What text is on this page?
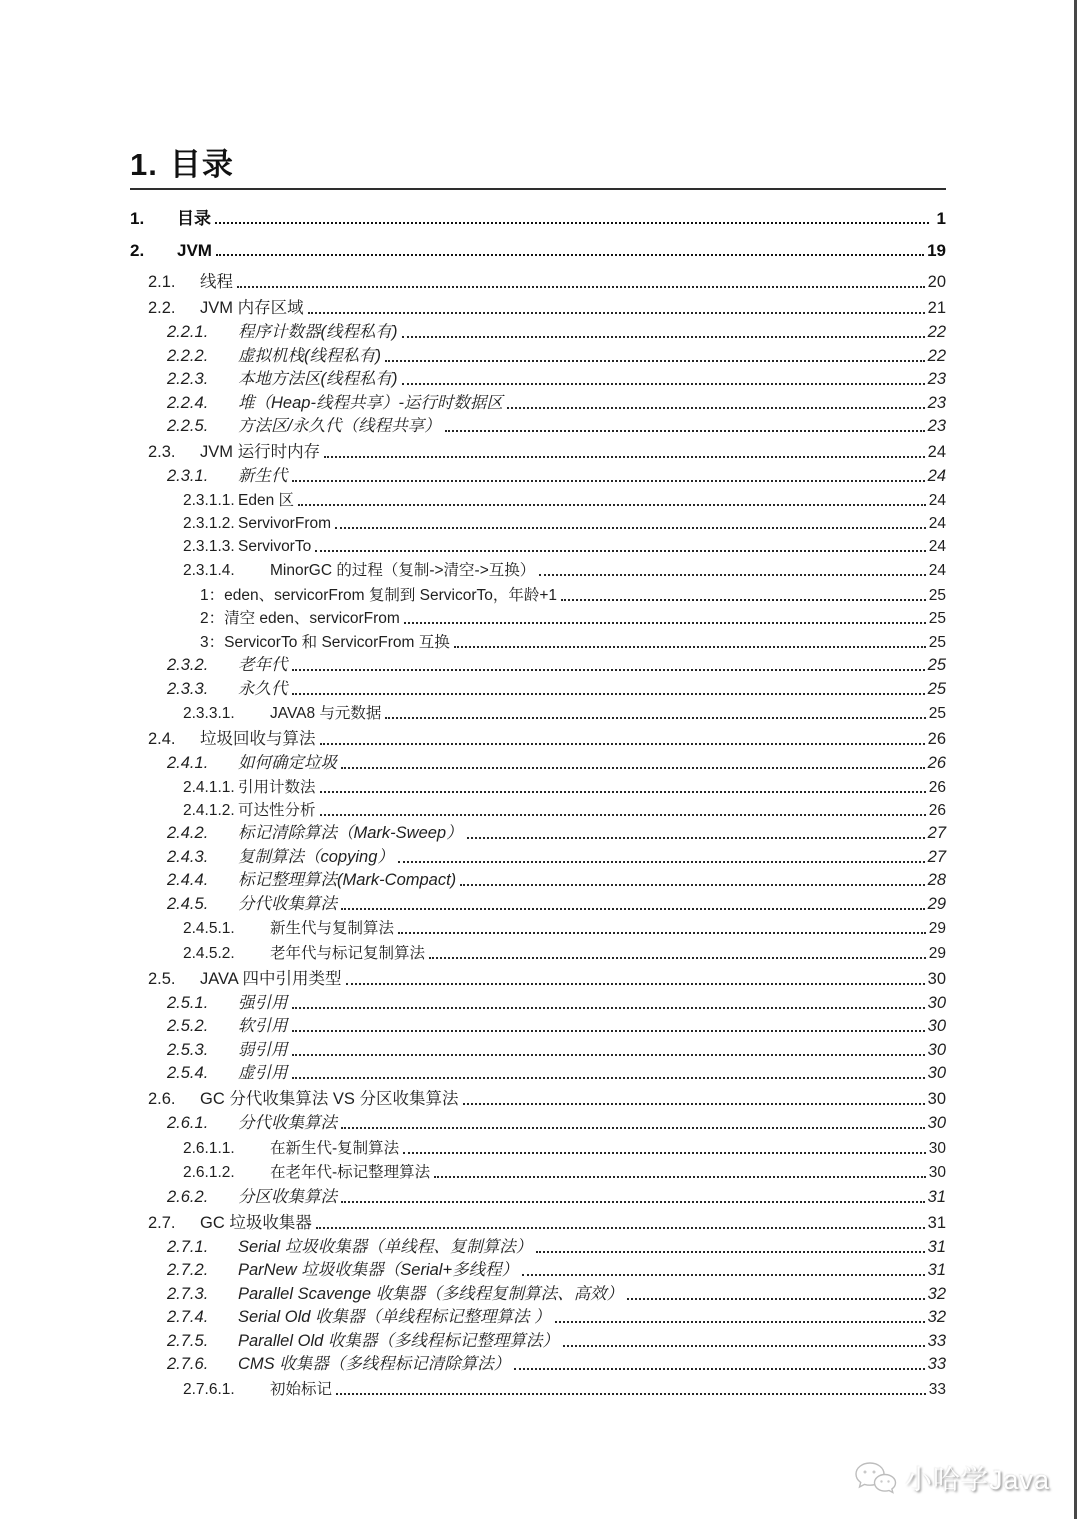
1. 目录
1.	目录	1
2.	JVM	19
2.1.	线程	20
2.2.	JVM 内存区域	21
2.2.1.	程序计数器(线程私有)	22
2.2.2.	虚拟机栈(线程私有)	22
2.2.3.	本地方法区(线程私有)	23
2.2.4.	堆（Heap-线程共享）-运行时数据区	23
2.2.5.	方法区/永久代（线程共享）	23
2.3.	JVM 运行时内存	24
2.3.1.	新生代	24
2.3.1.1. Eden 区	24
2.3.1.2. ServivorFrom	24
2.3.1.3. ServivorTo	24
2.3.1.4.	MinorGC 的过程（复制->清空->互换）	24
1：eden、servicorFrom 复制到 ServicorTo，年龄+1	25
2：清空 eden、servicorFrom	25
3：ServicorTo 和 ServicorFrom 互换	25
2.3.2.	老年代	25
2.3.3.	永久代	25
2.3.3.1.	JAVA8 与元数据	25
2.4.	垃圾回收与算法	26
2.4.1.	如何确定垃圾	26
2.4.1.1. 引用计数法	26
2.4.1.2. 可达性分析	26
2.4.2.	标记清除算法（Mark-Sweep）	27
2.4.3.	复制算法（copying）	27
2.4.4.	标记整理算法(Mark-Compact)	28
2.4.5.	分代收集算法	29
2.4.5.1.	新生代与复制算法	29
2.4.5.2.	老年代与标记复制算法	29
2.5.	JAVA 四中引用类型	30
2.5.1.	强引用	30
2.5.2.	软引用	30
2.5.3.	弱引用	30
2.5.4.	虚引用	30
2.6.	GC 分代收集算法 VS 分区收集算法	30
2.6.1.	分代收集算法	30
2.6.1.1.	在新生代-复制算法	30
2.6.1.2.	在老年代-标记整理算法	30
2.6.2.	分区收集算法	31
2.7.	GC 垃圾收集器	31
2.7.1.	Serial 垃圾收集器（单线程、复制算法）	31
2.7.2.	ParNew 垃圾收集器（Serial+多线程）	31
2.7.3.	Parallel Scavenge 收集器（多线程复制算法、高效）	32
2.7.4.	Serial Old 收集器（单线程标记整理算法 ）	32
2.7.5.	Parallel Old 收集器（多线程标记整理算法）	33
2.7.6.	CMS 收集器（多线程标记清除算法）	33
2.7.6.1.	初始标记	33
小哈学Java
